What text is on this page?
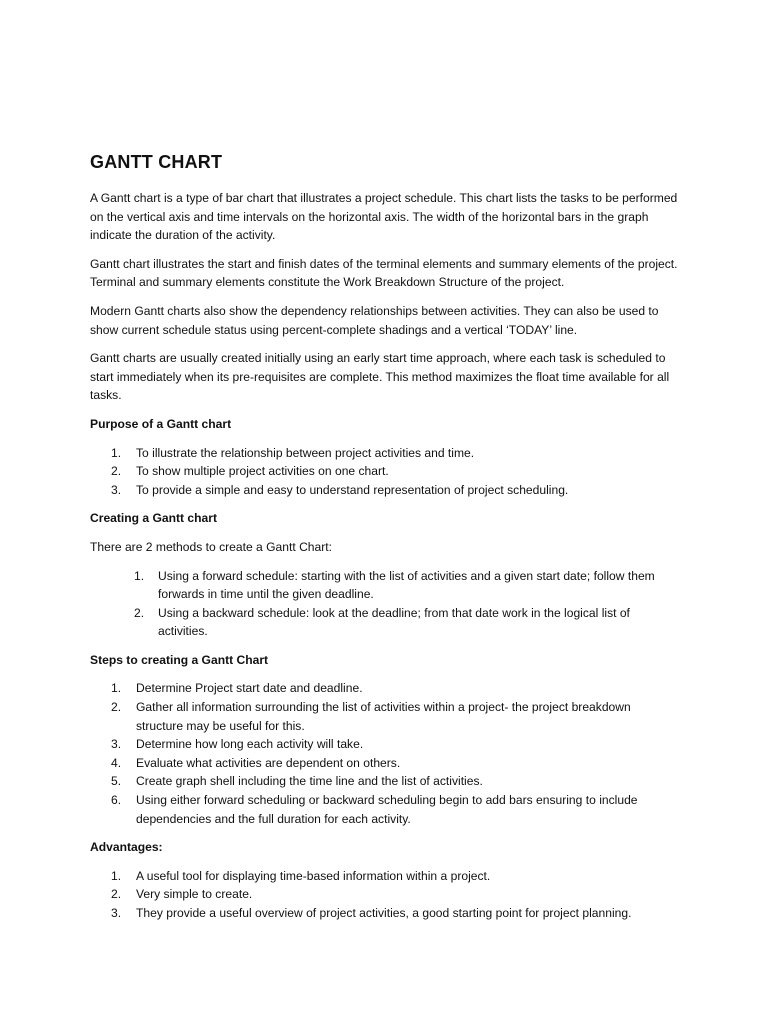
GANTT CHART

A Gantt chart is a type of bar chart that illustrates a project schedule. This chart lists the tasks to be performed on the vertical axis and time intervals on the horizontal axis. The width of the horizontal bars in the graph indicate the duration of the activity.

Gantt chart illustrates the start and finish dates of the terminal elements and summary elements of the project. Terminal and summary elements constitute the Work Breakdown Structure of the project.

Modern Gantt charts also show the dependency relationships between activities. They can also be used to show current schedule status using percent-complete shadings and a vertical ‘TODAY’ line.

Gantt charts are usually created initially using an early start time approach, where each task is scheduled to start immediately when its pre-requisites are complete. This method maximizes the float time available for all tasks.

Purpose of a Gantt chart
1. To illustrate the relationship between project activities and time.
2. To show multiple project activities on one chart.
3. To provide a simple and easy to understand representation of project scheduling.
Creating a Gantt chart

There are 2 methods to create a Gantt Chart:

1. Using a forward schedule: starting with the list of activities and a given start date; follow them forwards in time until the given deadline.
2. Using a backward schedule: look at the deadline; from that date work in the logical list of activities.
Steps to creating a Gantt Chart
1. Determine Project start date and deadline.
2. Gather all information surrounding the list of activities within a project- the project breakdown structure may be useful for this.
3. Determine how long each activity will take.
4. Evaluate what activities are dependent on others.
5. Create graph shell including the time line and the list of activities.
6. Using either forward scheduling or backward scheduling begin to add bars ensuring to include dependencies and the full duration for each activity.
Advantages:
1. A useful tool for displaying time-based information within a project.
2. Very simple to create.
3. They provide a useful overview of project activities, a good starting point for project planning.
